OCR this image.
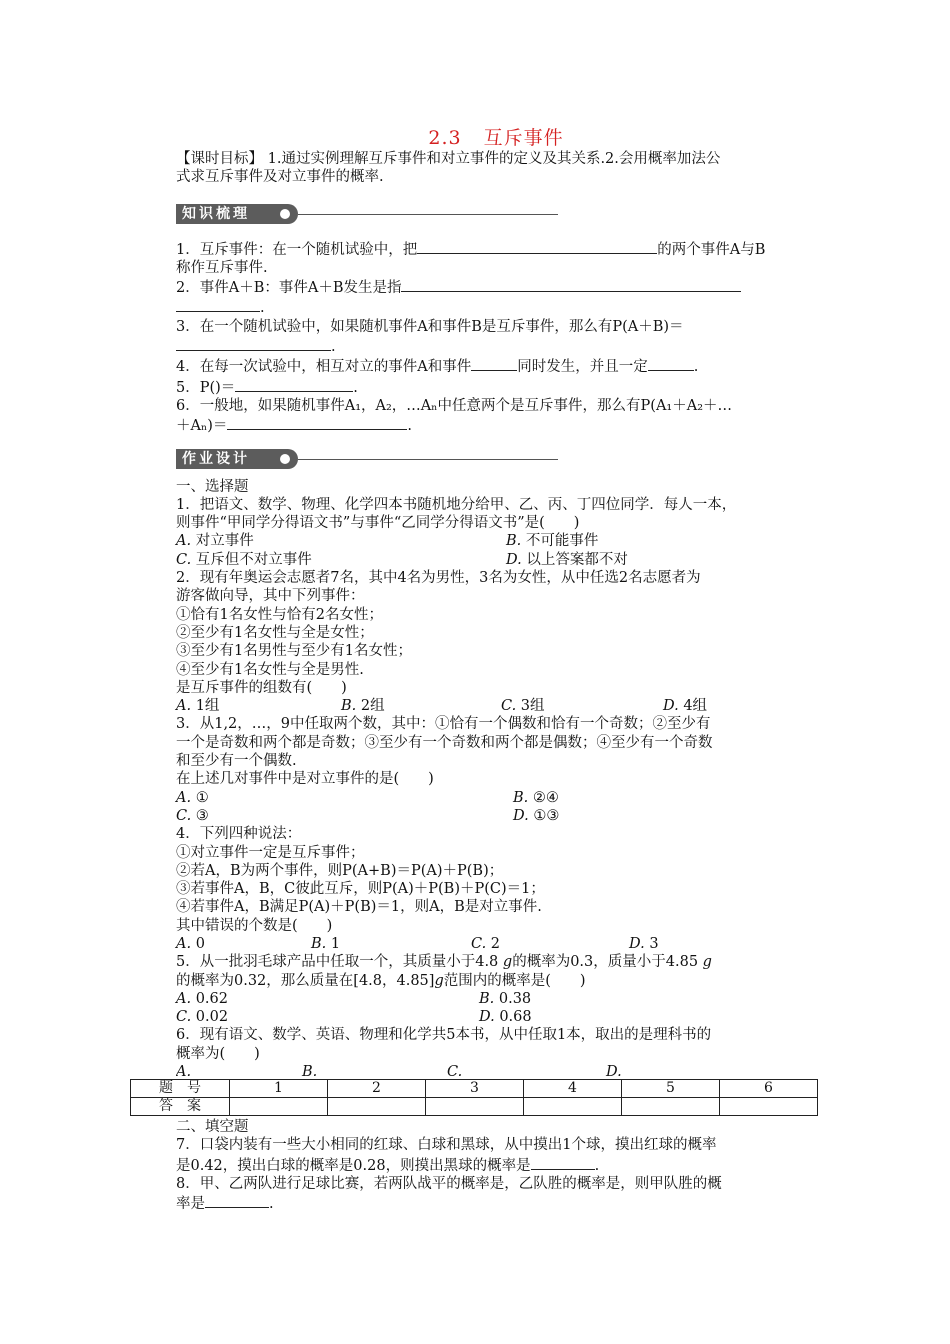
2.3 互斥事件

【课时目标】 1.通过实例理解互斥事件和对立事件的定义及其关系.2.会用概率加法公

式求互斥事件及对立事件的概率.

知识梳理

1．互斥事件：在一个随机试验中，把	的两个事件A与B

称作互斥事件.

2．事件A＋B：事件A＋B发生是指

.

3．在一个随机试验中，如果随机事件A和事件B是互斥事件，那么有P(A＋B)＝

.

4．在每一次试验中，相互对立的事件A和事件	同时发生，并且一定	.

5．P()＝	.

6．一般地，如果随机事件A₁，A₂，…Aₙ中任意两个是互斥事件，那么有P(A₁＋A₂＋…

＋Aₙ)＝	.

作业设计

一、选择题

1．把语文、数学、物理、化学四本书随机地分给甲、乙、丙、丁四位同学．每人一本，

则事件“甲同学分得语文书”与事件“乙同学分得语文书”是(　　)

A. 对立事件	B. 不可能事件

C. 互斥但不对立事件	D. 以上答案都不对

2．现有年奥运会志愿者7名，其中4名为男性，3名为女性，从中任选2名志愿者为

游客做向导，其中下列事件：

①恰有1名女性与恰有2名女性；

②至少有1名女性与全是女性；

③至少有1名男性与至少有1名女性；

④至少有1名女性与全是男性.

是互斥事件的组数有(　　)

A. 1组	B. 2组	C. 3组	D. 4组

3．从1,2，…，9中任取两个数，其中：①恰有一个偶数和恰有一个奇数；②至少有

一个是奇数和两个都是奇数；③至少有一个奇数和两个都是偶数；④至少有一个奇数

和至少有一个偶数.

在上述几对事件中是对立事件的是(　　)

A. ①	B. ②④

C. ③	D. ①③

4．下列四种说法：

①对立事件一定是互斥事件；

②若A，B为两个事件，则P(A+B)＝P(A)＋P(B)；

③若事件A，B，C彼此互斥，则P(A)＋P(B)＋P(C)＝1；

④若事件A，B满足P(A)＋P(B)＝1，则A，B是对立事件.

其中错误的个数是(　　)

A. 0	B. 1	C. 2	D. 3

5．从一批羽毛球产品中任取一个，其质量小于4.8 g的概率为0.3，质量小于4.85 g

的概率为0.32，那么质量在[4.8，4.85]g范围内的概率是(　　)

A. 0.62	B. 0.38

C. 0.02	D. 0.68

6．现有语文、数学、英语、物理和化学共5本书，从中任取1本，取出的是理科书的

概率为(　　)

A.	B.	C.	D.

题　号	1	2	3	4	5	6
答　案						

二、填空题

7．口袋内装有一些大小相同的红球、白球和黑球，从中摸出1个球，摸出红球的概率

是0.42，摸出白球的概率是0.28，则摸出黑球的概率是	.

8．甲、乙两队进行足球比赛，若两队战平的概率是，乙队胜的概率是，则甲队胜的概

率是	.
